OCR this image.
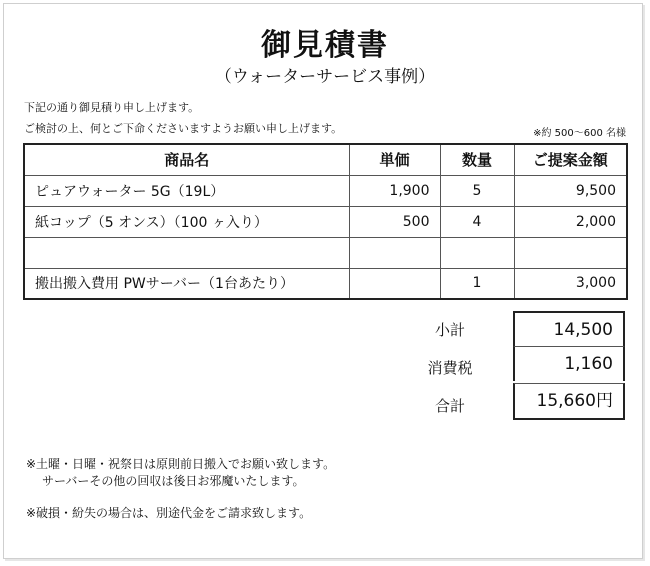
御見積書
（ウォーターサービス事例）
下記の通り御見積り申し上げます。
ご検討の上、何とご下命くださいますようお願い申し上げます。	※約 500～600 名様
商品名	単価	数量	ご提案金額
ピュアウォーター 5G（19L）	1,900	5	9,500
紙コップ（5 オンス）（100 ヶ入り）	500	4	2,000

搬出搬入費用 PWサーバー（1台あたり）		1	3,000
小計	14,500
消費税	1,160
合計	15,660円
※土曜・日曜・祝祭日は原則前日搬入でお願い致します。
サーバーその他の回収は後日お邪魔いたします。
※破損・紛失の場合は、別途代金をご請求致します。
